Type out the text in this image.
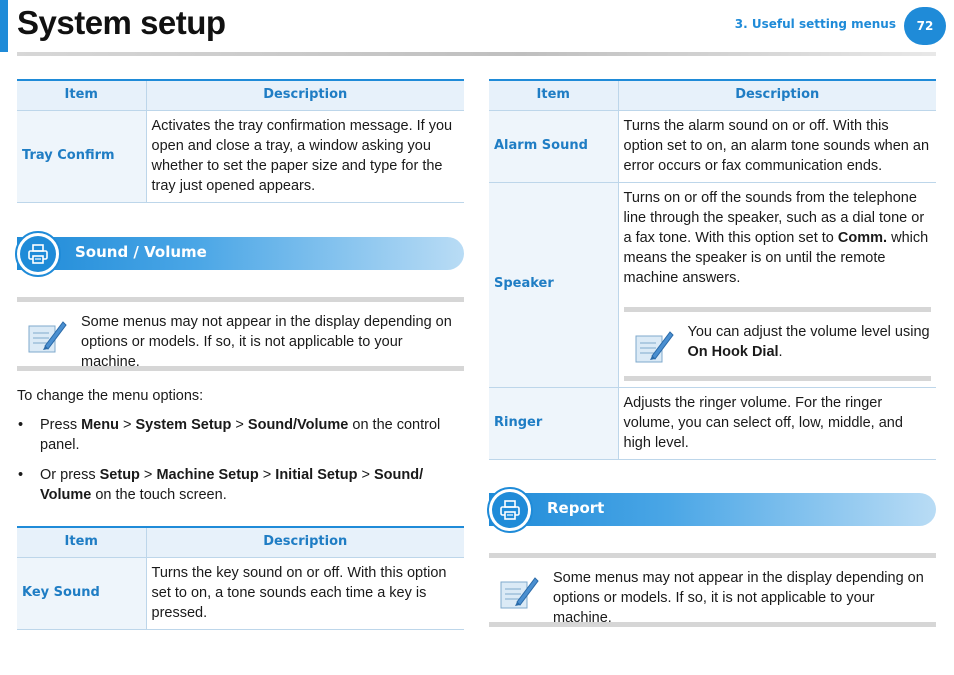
System setup	3. Useful setting menus	72
Item	Description
Tray Confirm	Activates the tray confirmation message. If you open and close a tray, a window asking you whether to set the paper size and type for the tray just opened appears.
Sound / Volume
Some menus may not appear in the display depending on options or models. If so, it is not applicable to your machine.
To change the menu options:
• Press Menu > System Setup > Sound/Volume on the control panel.
• Or press Setup > Machine Setup > Initial Setup > Sound/ Volume on the touch screen.
Item	Description
Key Sound	Turns the key sound on or off. With this option set to on, a tone sounds each time a key is pressed.
Item	Description
Alarm Sound	Turns the alarm sound on or off. With this option set to on, an alarm tone sounds when an error occurs or fax communication ends.
Speaker	Turns on or off the sounds from the telephone line through the speaker, such as a dial tone or a fax tone. With this option set to Comm. which means the speaker is on until the remote machine answers.
You can adjust the volume level using On Hook Dial.

Ringer	Adjusts the ringer volume. For the ringer volume, you can select off, low, middle, and high level.
Report
Some menus may not appear in the display depending on options or models. If so, it is not applicable to your machine.
